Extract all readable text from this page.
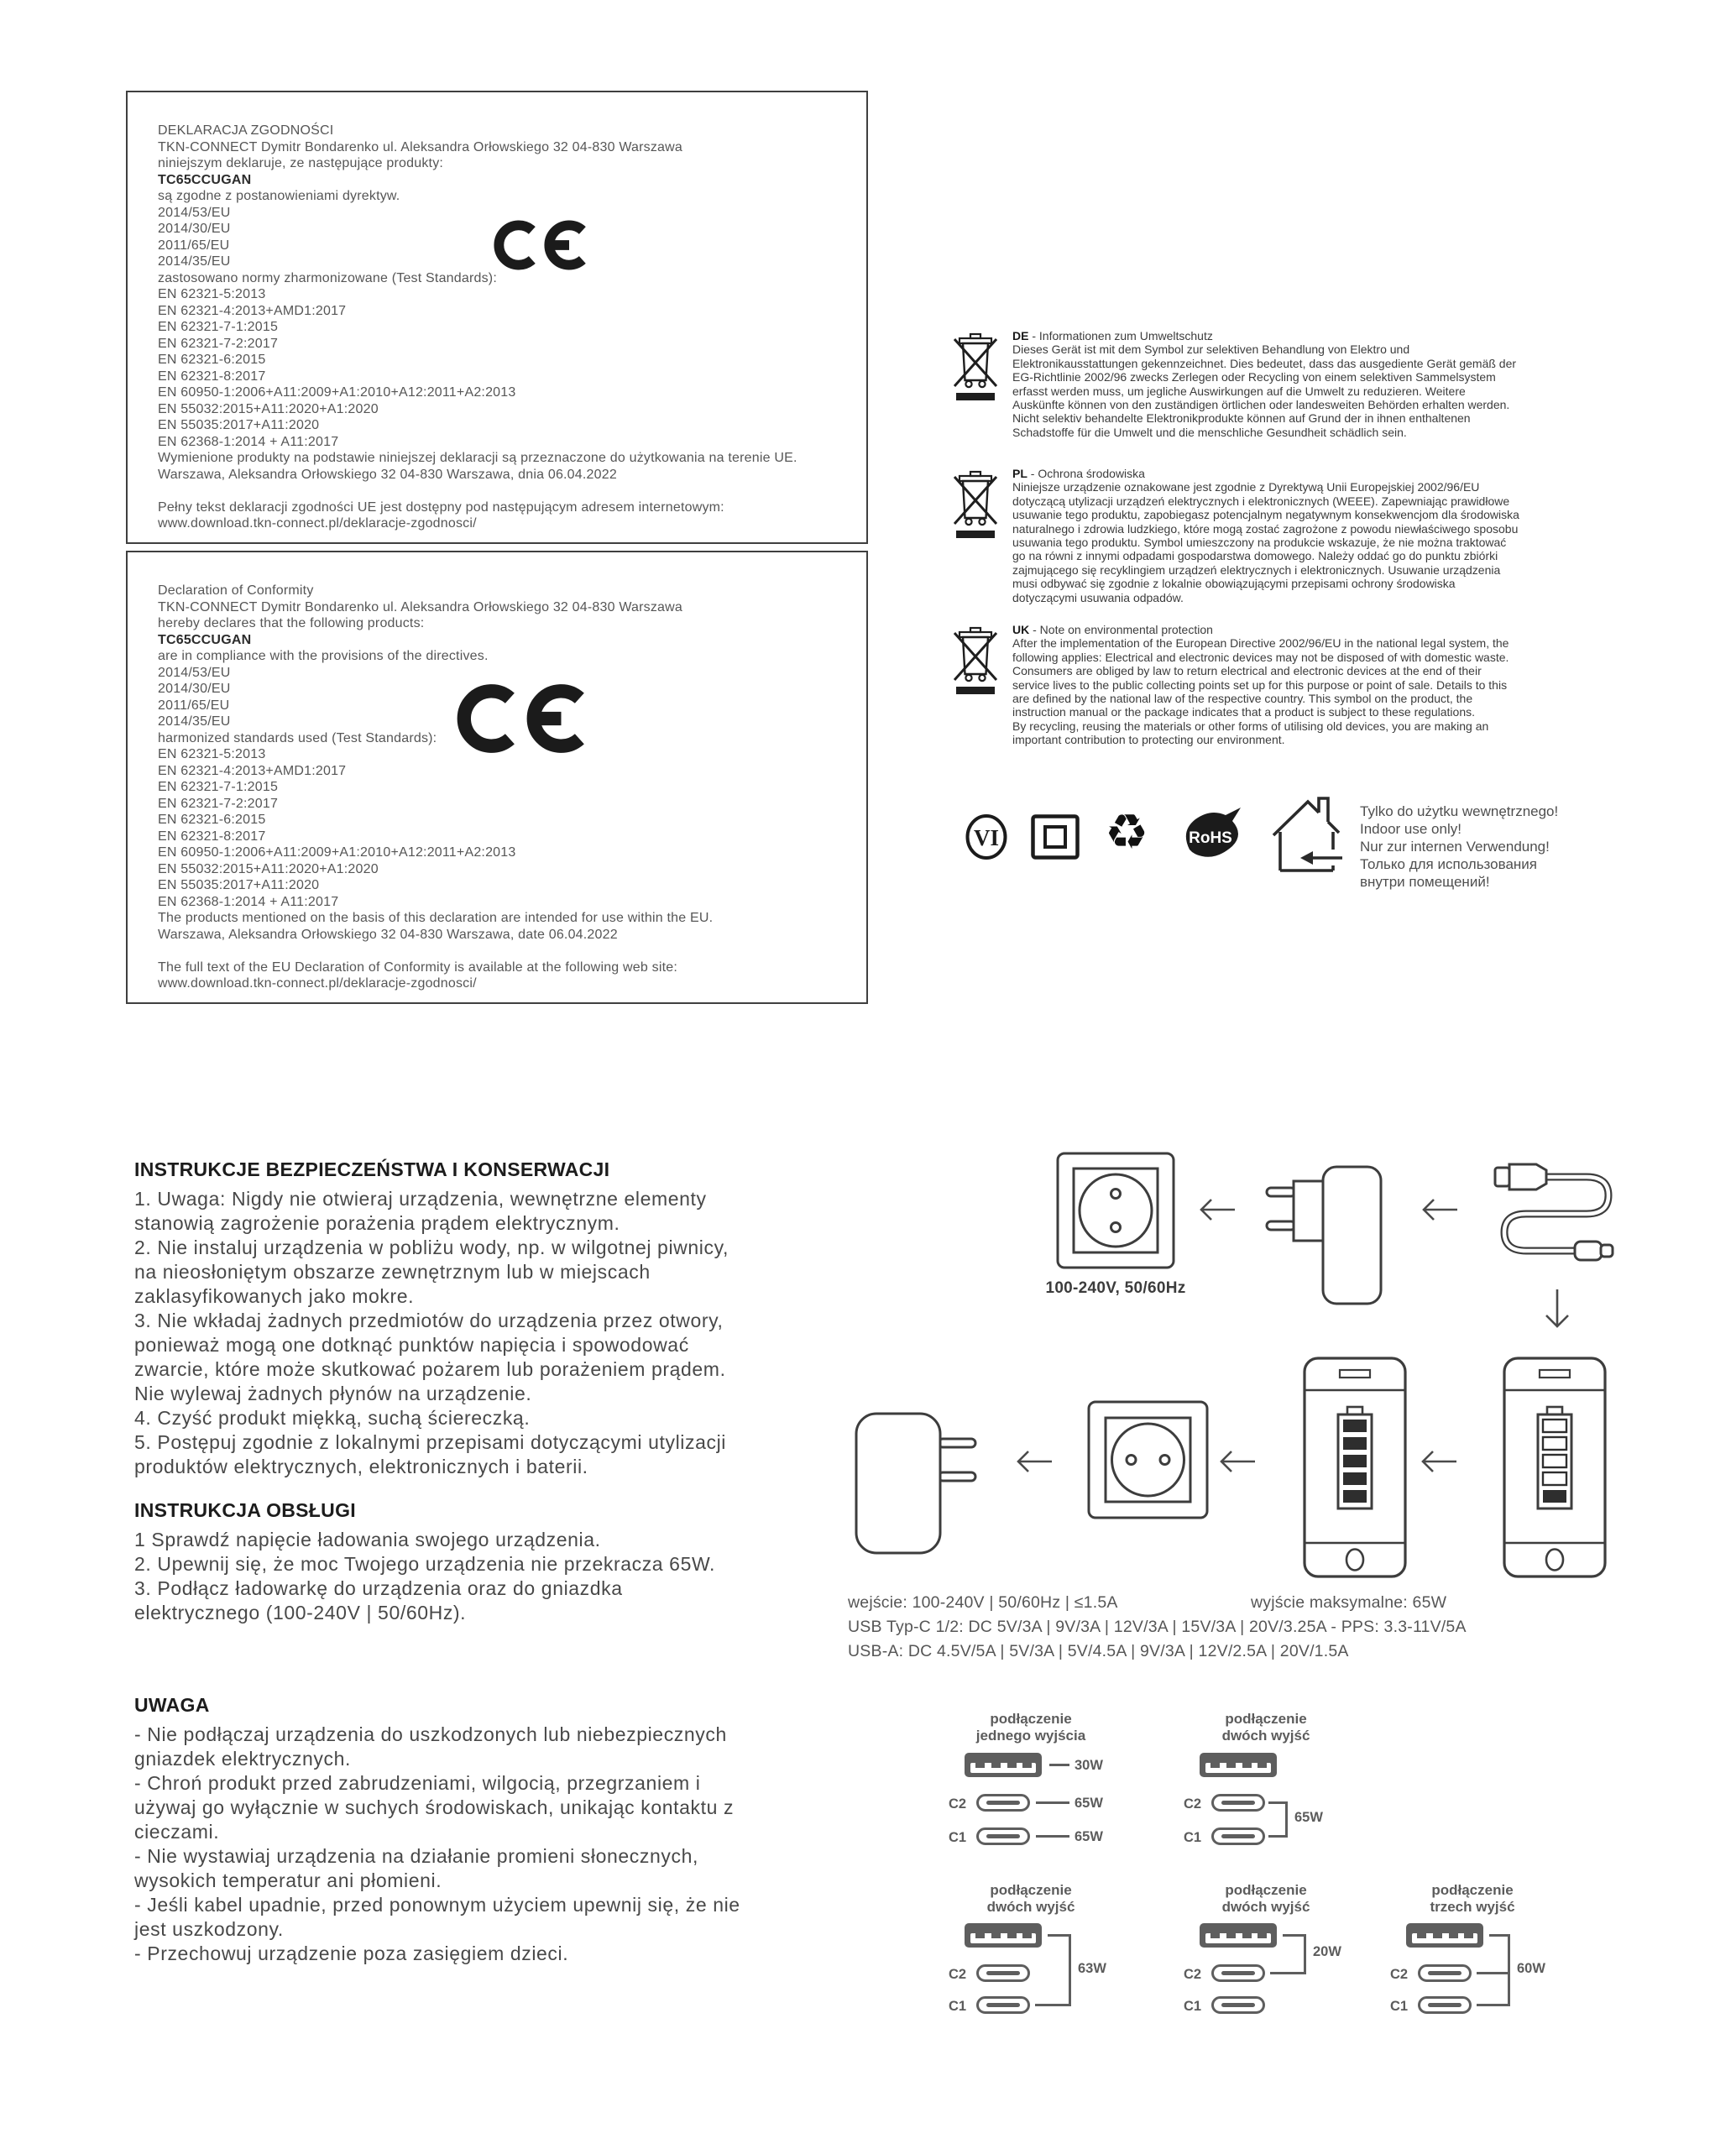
DEKLARACJA ZGODNOŚCI
TKN-CONNECT Dymitr Bondarenko ul. Aleksandra Orłowskiego 32 04-830 Warszawa
niniejszym deklaruje, ze następujące produkty:
TC65CCUGAN
są zgodne z postanowieniami dyrektyw.
2014/53/EU
2014/30/EU
2011/65/EU
2014/35/EU
zastosowano normy zharmonizowane (Test Standards):
EN 62321-5:2013
EN 62321-4:2013+AMD1:2017
EN 62321-7-1:2015
EN 62321-7-2:2017
EN 62321-6:2015
EN 62321-8:2017
EN 60950-1:2006+A11:2009+A1:2010+A12:2011+A2:2013
EN 55032:2015+A11:2020+A1:2020
EN 55035:2017+A11:2020
EN 62368-1:2014 + A11:2017
Wymienione produkty na podstawie niniejszej deklaracji są przeznaczone do użytkowania na terenie UE.
Warszawa, Aleksandra Orłowskiego 32 04-830 Warszawa, dnia 06.04.2022
Pełny tekst deklaracji zgodności UE jest dostępny pod następującym adresem internetowym:
www.download.tkn-connect.pl/deklaracje-zgodnosci/
Declaration of Conformity
TKN-CONNECT Dymitr Bondarenko ul. Aleksandra Orłowskiego 32 04-830 Warszawa
hereby declares that the following products:
TC65CCUGAN
are in compliance with the provisions of the directives.
2014/53/EU
2014/30/EU
2011/65/EU
2014/35/EU
harmonized standards used (Test Standards):
EN 62321-5:2013
EN 62321-4:2013+AMD1:2017
EN 62321-7-1:2015
EN 62321-7-2:2017
EN 62321-6:2015
EN 62321-8:2017
EN 60950-1:2006+A11:2009+A1:2010+A12:2011+A2:2013
EN 55032:2015+A11:2020+A1:2020
EN 55035:2017+A11:2020
EN 62368-1:2014 + A11:2017
The products mentioned on the basis of this declaration are intended for use within the EU.
Warszawa, Aleksandra Orłowskiego 32 04-830 Warszawa, date 06.04.2022
The full text of the EU Declaration of Conformity is available at the following web site:
www.download.tkn-connect.pl/deklaracje-zgodnosci/
DE - Informationen zum Umweltschutz
Dieses Gerät ist mit dem Symbol zur selektiven Behandlung von Elektro und
Elektronikausstattungen gekennzeichnet. Dies bedeutet, dass das ausgediente Gerät gemäß der
EG-Richtlinie 2002/96 zwecks Zerlegen oder Recycling von einem selektiven Sammelsystem
erfasst werden muss, um jegliche Auswirkungen auf die Umwelt zu reduzieren. Weitere
Auskünfte können von den zuständigen örtlichen oder landesweiten Behörden erhalten werden.
Nicht selektiv behandelte Elektronikprodukte können auf Grund der in ihnen enthaltenen
Schadstoffe für die Umwelt und die menschliche Gesundheit schädlich sein.
PL - Ochrona środowiska
Niniejsze urządzenie oznakowane jest zgodnie z Dyrektywą Unii Europejskiej 2002/96/EU
dotyczącą utylizacji urządzeń elektrycznych i elektronicznych (WEEE). Zapewniając prawidłowe
usuwanie tego produktu, zapobiegasz potencjalnym negatywnym konsekwencjom dla środowiska
naturalnego i zdrowia ludzkiego, które mogą zostać zagrożone z powodu niewłaściwego sposobu
usuwania tego produktu. Symbol umieszczony na produkcie wskazuje, że nie można traktować
go na równi z innymi odpadami gospodarstwa domowego. Należy oddać go do punktu zbiórki
zajmującego się recyklingiem urządzeń elektrycznych i elektronicznych. Usuwanie urządzenia
musi odbywać się zgodnie z lokalnie obowiązującymi przepisami ochrony środowiska
dotyczącymi usuwania odpadów.
UK - Note on environmental protection
After the implementation of the European Directive 2002/96/EU in the national legal system, the
following applies: Electrical and electronic devices may not be disposed of with domestic waste.
Consumers are obliged by law to return electrical and electronic devices at the end of their
service lives to the public collecting points set up for this purpose or point of sale. Details to this
are defined by the national law of the respective country. This symbol on the product, the
instruction manual or the package indicates that a product is subject to these regulations.
By recycling, reusing the materials or other forms of utilising old devices, you are making an
important contribution to protecting our environment.
VI ♻	RoHS
Tylko do użytku wewnętrznego!
Indoor use only!
Nur zur internen Verwendung!
Только для использования
внутри помещений!
INSTRUKCJE BEZPIECZEŃSTWA I KONSERWACJI
1. Uwaga: Nigdy nie otwieraj urządzenia, wewnętrzne elementy
stanowią zagrożenie porażenia prądem elektrycznym.
2. Nie instaluj urządzenia w pobliżu wody, np. w wilgotnej piwnicy,
na nieosłoniętym obszarze zewnętrznym lub w miejscach
zaklasyfikowanych jako mokre.
3. Nie wkładaj żadnych przedmiotów do urządzenia przez otwory,
ponieważ mogą one dotknąć punktów napięcia i spowodować
zwarcie, które może skutkować pożarem lub porażeniem prądem.
Nie wylewaj żadnych płynów na urządzenie.
4. Czyść produkt miękką, suchą ściereczką.
5. Postępuj zgodnie z lokalnymi przepisami dotyczącymi utylizacji
produktów elektrycznych, elektronicznych i baterii.
INSTRUKCJA OBSŁUGI
1 Sprawdź napięcie ładowania swojego urządzenia.
2. Upewnij się, że moc Twojego urządzenia nie przekracza 65W.
3. Podłącz ładowarkę do urządzenia oraz do gniazdka
elektrycznego (100-240V | 50/60Hz).
UWAGA
- Nie podłączaj urządzenia do uszkodzonych lub niebezpiecznych
gniazdek elektrycznych.
- Chroń produkt przed zabrudzeniami, wilgocią, przegrzaniem i
używaj go wyłącznie w suchych środowiskach, unikając kontaktu z
cieczami.
- Nie wystawiaj urządzenia na działanie promieni słonecznych,
wysokich temperatur ani płomieni.
- Jeśli kabel upadnie, przed ponownym użyciem upewnij się, że nie
jest uszkodzony.
- Przechowuj urządzenie poza zasięgiem dzieci.
100-240V, 50/60Hz
wejście: 100-240V | 50/60Hz | ≤1.5A	wyjście maksymalne: 65W
USB Typ-C 1/2: DC 5V/3A | 9V/3A | 12V/3A | 15V/3A | 20V/3.25A - PPS: 3.3-11V/5A
USB-A: DC 4.5V/5A | 5V/3A | 5V/4.5A | 9V/3A | 12V/2.5A | 20V/1.5A
podłączenie
jednego wyjścia
30W
C2	65W
C1	65W
podłączenie
dwóch wyjść
C2
C1
65W
podłączenie
dwóch wyjść
C2
C1
63W
podłączenie
dwóch wyjść
C2
C1
20W
podłączenie
trzech wyjść
C2
C1
60W
